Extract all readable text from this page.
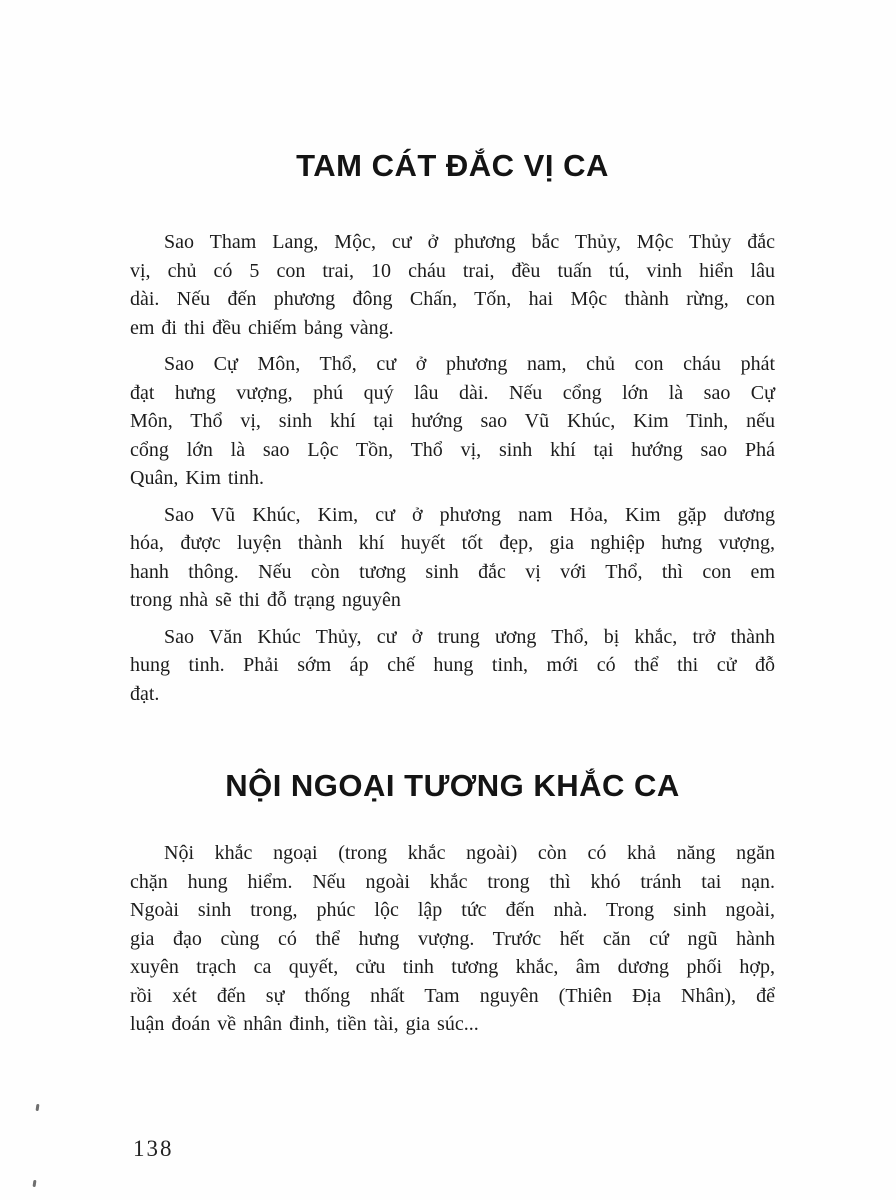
TAM CÁT ĐẮC VỊ CA
Sao Tham Lang, Mộc, cư ở phương bắc Thủy, Mộc Thủy đắc
vị, chủ có 5 con trai, 10 cháu trai, đều tuấn tú, vinh hiển lâu
dài. Nếu đến phương đông Chấn, Tốn, hai Mộc thành rừng, con
em đi thi đều chiếm bảng vàng.
Sao Cự Môn, Thổ, cư ở phương nam, chủ con cháu phát
đạt hưng vượng, phú quý lâu dài. Nếu cổng lớn là sao Cự
Môn, Thổ vị, sinh khí tại hướng sao Vũ Khúc, Kim Tinh, nếu
cổng lớn là sao Lộc Tồn, Thổ vị, sinh khí tại hướng sao Phá
Quân, Kim tinh.
Sao Vũ Khúc, Kim, cư ở phương nam Hỏa, Kim gặp dương
hóa, được luyện thành khí huyết tốt đẹp, gia nghiệp hưng vượng,
hanh thông. Nếu còn tương sinh đắc vị với Thổ, thì con em
trong nhà sẽ thi đỗ trạng nguyên
Sao Văn Khúc Thủy, cư ở trung ương Thổ, bị khắc, trở thành
hung tinh. Phải sớm áp chế hung tinh, mới có thể thi cử đỗ
đạt.
NỘI NGOẠI TƯƠNG KHẮC CA
Nội khắc ngoại (trong khắc ngoài) còn có khả năng ngăn
chặn hung hiểm. Nếu ngoài khắc trong thì khó tránh tai nạn.
Ngoài sinh trong, phúc lộc lập tức đến nhà. Trong sinh ngoài,
gia đạo cùng có thể hưng vượng. Trước hết căn cứ ngũ hành
xuyên trạch ca quyết, cửu tinh tương khắc, âm dương phối hợp,
rồi xét đến sự thống nhất Tam nguyên (Thiên Địa Nhân), để
luận đoán về nhân đinh, tiền tài, gia súc...
138
